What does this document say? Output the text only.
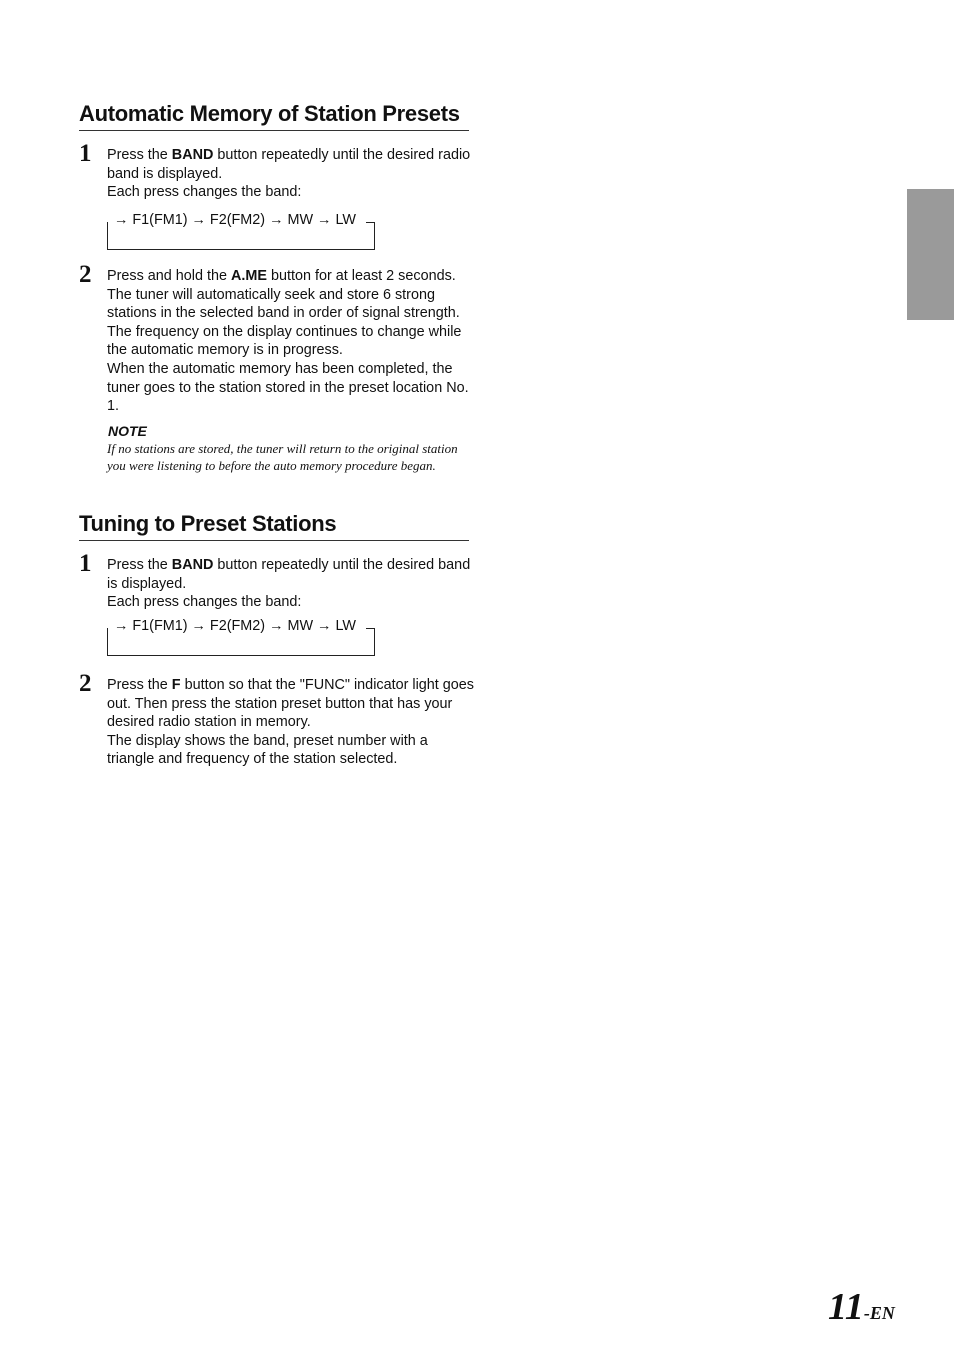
Automatic Memory of Station Presets
1 Press the BAND button repeatedly until the desired radio band is displayed.

Each press changes the band:

→ F1(FM1) → F2(FM2) → MW → LW
2 Press and hold the A.ME button for at least 2 seconds.

The tuner will automatically seek and store 6 strong stations in the selected band in order of signal strength. The frequency on the display continues to change while the automatic memory is in progress.

When the automatic memory has been completed, the tuner goes to the station stored in the preset location No. 1.

NOTE
If no stations are stored, the tuner will return to the original station you were listening to before the auto memory procedure began.
Tuning to Preset Stations
1 Press the BAND button repeatedly until the desired band is displayed.

Each press changes the band:

→ F1(FM1) → F2(FM2) → MW → LW
2 Press the F button so that the "FUNC" indicator light goes out. Then press the station preset button that has your desired radio station in memory.

The display shows the band, preset number with a triangle and frequency of the station selected.

11-EN
